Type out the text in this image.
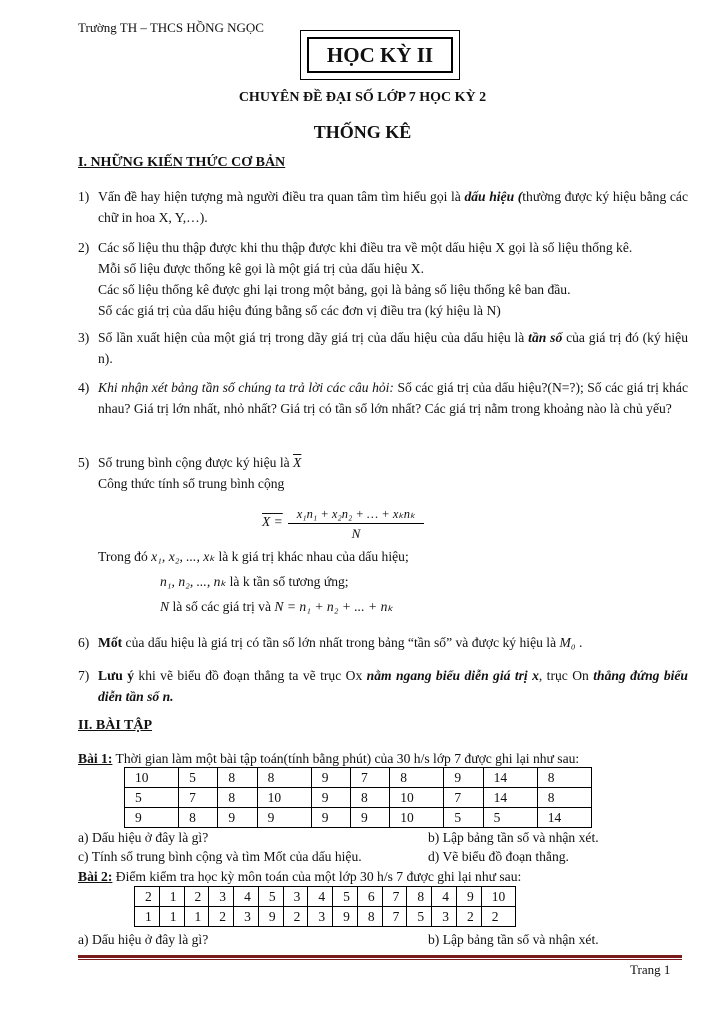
Trường TH – THCS HỒNG NGỌC
HỌC KỲ II
CHUYÊN ĐỀ ĐẠI SỐ LỚP 7 HỌC KỲ 2
THỐNG KÊ
I. NHỮNG KIẾN THỨC CƠ BẢN
1) Vấn đề hay hiện tượng mà người điều tra quan tâm tìm hiểu gọi là dấu hiệu (thường được ký hiệu bằng các chữ in hoa X, Y,…).
2) Các số liệu thu thập được khi thu thập được khi điều tra về một dấu hiệu X gọi là số liệu thống kê.
Mỗi số liệu được thống kê gọi là một giá trị của dấu hiệu X.
Các số liệu thống kê được ghi lại trong một bảng, gọi là bảng số liệu thống kê ban đầu.
Số các giá trị của dấu hiệu đúng bằng số các đơn vị điều tra (ký hiệu là N)
3) Số lần xuất hiện của một giá trị trong dãy giá trị của dấu hiệu của dấu hiệu là tần số của giá trị đó (ký hiệu n).
4) Khi nhận xét bảng tần số chúng ta trả lời các câu hỏi: Số các giá trị của dấu hiệu?(N=?); Số các giá trị khác nhau? Giá trị lớn nhất, nhỏ nhất? Giá trị có tần số lớn nhất? Các giá trị nằm trong khoảng nào là chủ yếu?
5) Số trung bình cộng được ký hiệu là $\overline{X}$
Công thức tính số trung bình cộng
X =	x₁n₁ + x₂n₂ + … + xₖnₖ
N
Trong đó x₁, x₂, ..., xₖ là k giá trị khác nhau của dấu hiệu;
n₁, n₂, ..., nₖ là k tần số tương ứng;
N là số các giá trị và N = n₁ + n₂ + ... + nₖ
6) Mốt của dấu hiệu là giá trị có tần số lớn nhất trong bảng “tần số” và được ký hiệu là M₀ .
7) Lưu ý khi vẽ biểu đồ đoạn thẳng ta vẽ trục Ox nằm ngang biểu diễn giá trị x, trục On thẳng đứng biểu diễn tần số n.
II. BÀI TẬP
Bài 1: Thời gian làm một bài tập toán(tính bằng phút) của 30 h/s lớp 7 được ghi lại như sau:
10	5	8	8	9	7	8	9	14	8
5	7	8	10	9	8	10	7	14	8
9	8	9	9	9	9	10	5	5	14
a) Dấu hiệu ở đây là gì?	b) Lập bảng tần số và nhận xét.
c) Tính số trung bình cộng và tìm Mốt của dấu hiệu.	d) Vẽ biểu đồ đoạn thẳng.
Bài 2: Điểm kiểm tra học kỳ môn toán của một lớp 30 h/s 7 được ghi lại như sau:
2	1	2	3	4	5	3	4	5	6	7	8	4	9	10
1	1	1	2	3	9	2	3	9	8	7	5	3	2	2
a) Dấu hiệu ở đây là gì?	b) Lập bảng tần số và nhận xét.
Trang 1
